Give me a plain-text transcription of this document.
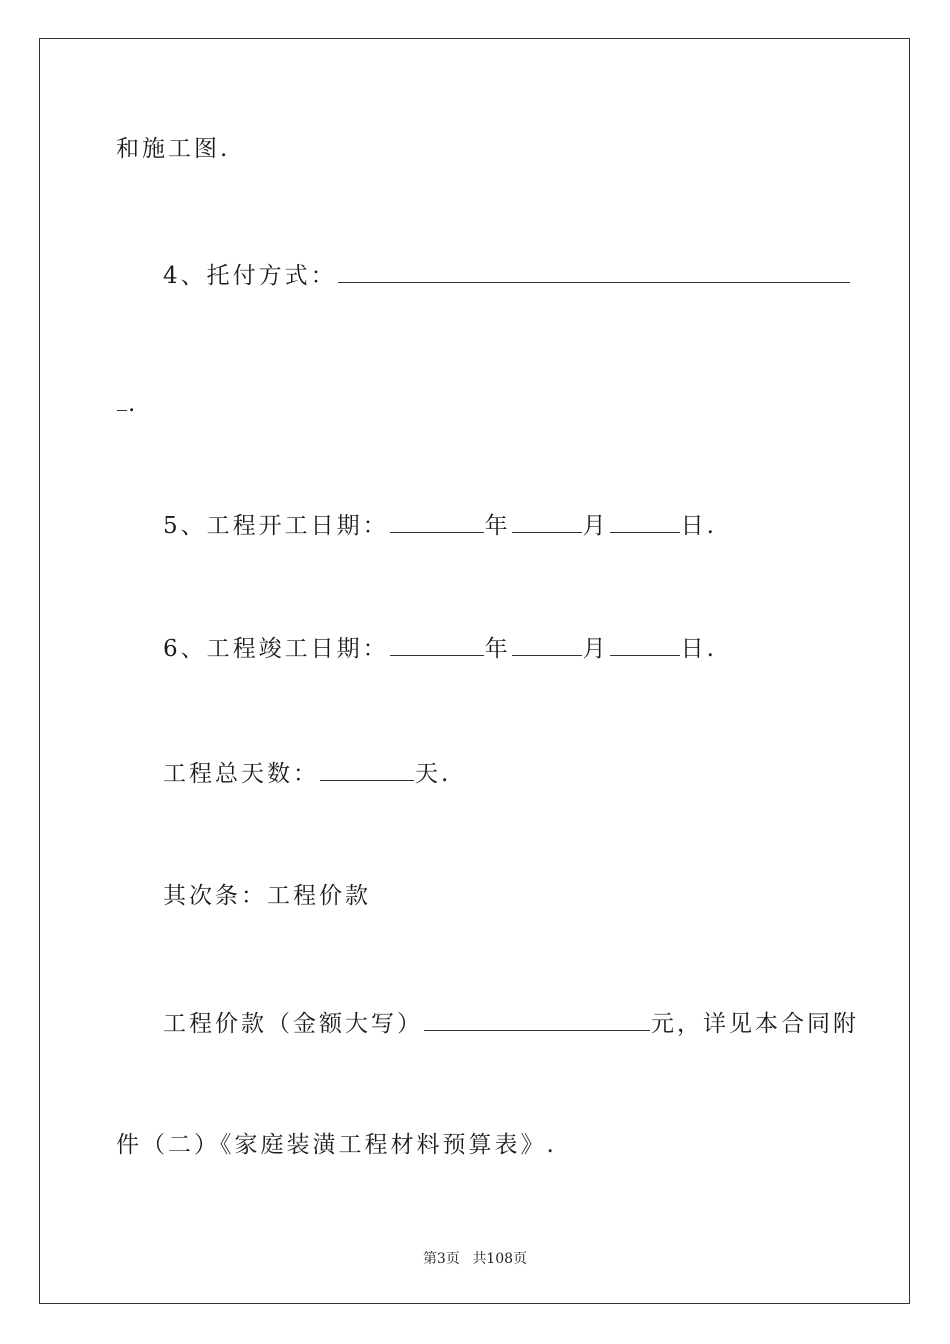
和施工图.
4、托付方式：
.
5、工程开工日期：	年	月	日.
6、工程竣工日期：	年	月	日.
工程总天数：	天.
其次条：工程价款
工程价款（金额大写）	元，详见本合同附
件（二）《家庭装潢工程材料预算表》.
第3页 共108页
